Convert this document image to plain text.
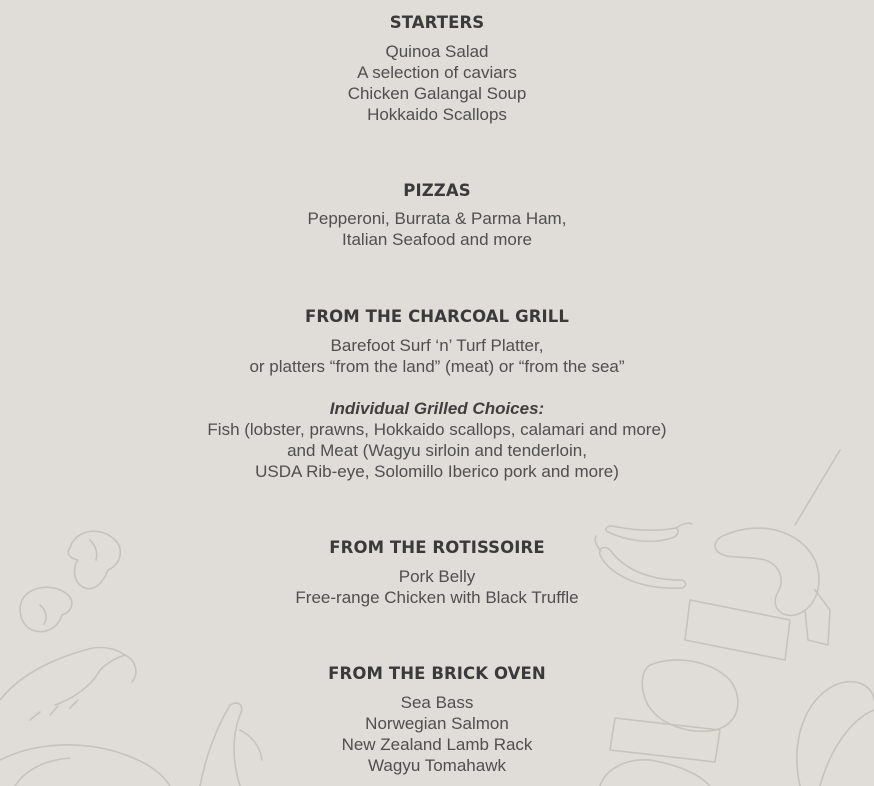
STARTERS
Quinoa Salad
A selection of caviars
Chicken Galangal Soup
Hokkaido Scallops
PIZZAS
Pepperoni, Burrata & Parma Ham,
Italian Seafood and more
FROM THE CHARCOAL GRILL
Barefoot Surf ‘n’ Turf Platter,
or platters “from the land” (meat) or “from the sea”
Individual Grilled Choices:
Fish (lobster, prawns, Hokkaido scallops, calamari and more)
and Meat (Wagyu sirloin and tenderloin,
USDA Rib-eye, Solomillo Iberico pork and more)
FROM THE ROTISSOIRE
Pork Belly
Free-range Chicken with Black Truffle
FROM THE BRICK OVEN
Sea Bass
Norwegian Salmon
New Zealand Lamb Rack
Wagyu Tomahawk
